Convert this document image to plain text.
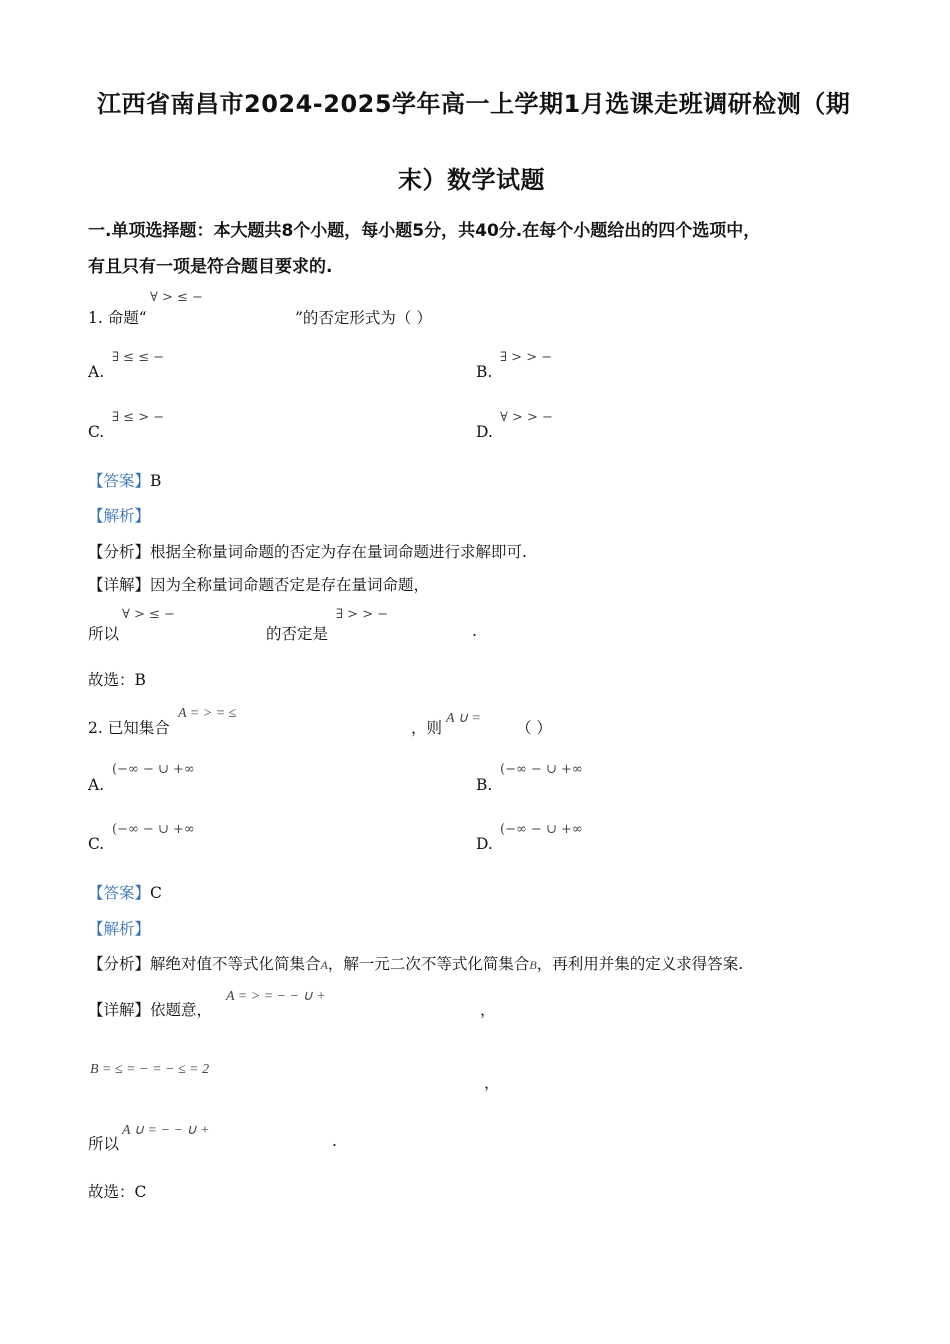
江西省南昌市2024-2025学年高一上学期1月选课走班调研检测（期
末）数学试题
一.单项选择题：本大题共8个小题，每小题5分，共40分.在每个小题给出的四个选项中，
有且只有一项是符合题目要求的.
∀ > ≤ −
1. 命题“	”的否定形式为（ ）
∃ ≤ ≤ −
A.
∃ > > −
B.
∃ ≤ > −
C.
∀ > > −
D.
【答案】B
【解析】
【分析】根据全称量词命题的否定为存在量词命题进行求解即可.
【详解】因为全称量词命题否定是存在量词命题，
∀ > ≤ −
所以	的否定是
∃ > > −
.
故选：B
2. 已知集合
A = > = ≤
，则
A ∪ =
（ ）
(−∞ − ∪ +∞
A.
(−∞ − ∪ +∞
B.
(−∞ − ∪ +∞
C.
(−∞ − ∪ +∞
D.
【答案】C
【解析】
【分析】解绝对值不等式化简集合A，解一元二次不等式化简集合B，再利用并集的定义求得答案.
【详解】依题意，
A = > = − − ∪ +
，
B = ≤ = − = − ≤ = 2
，
所以
A ∪ = − − ∪ +
.
故选：C
